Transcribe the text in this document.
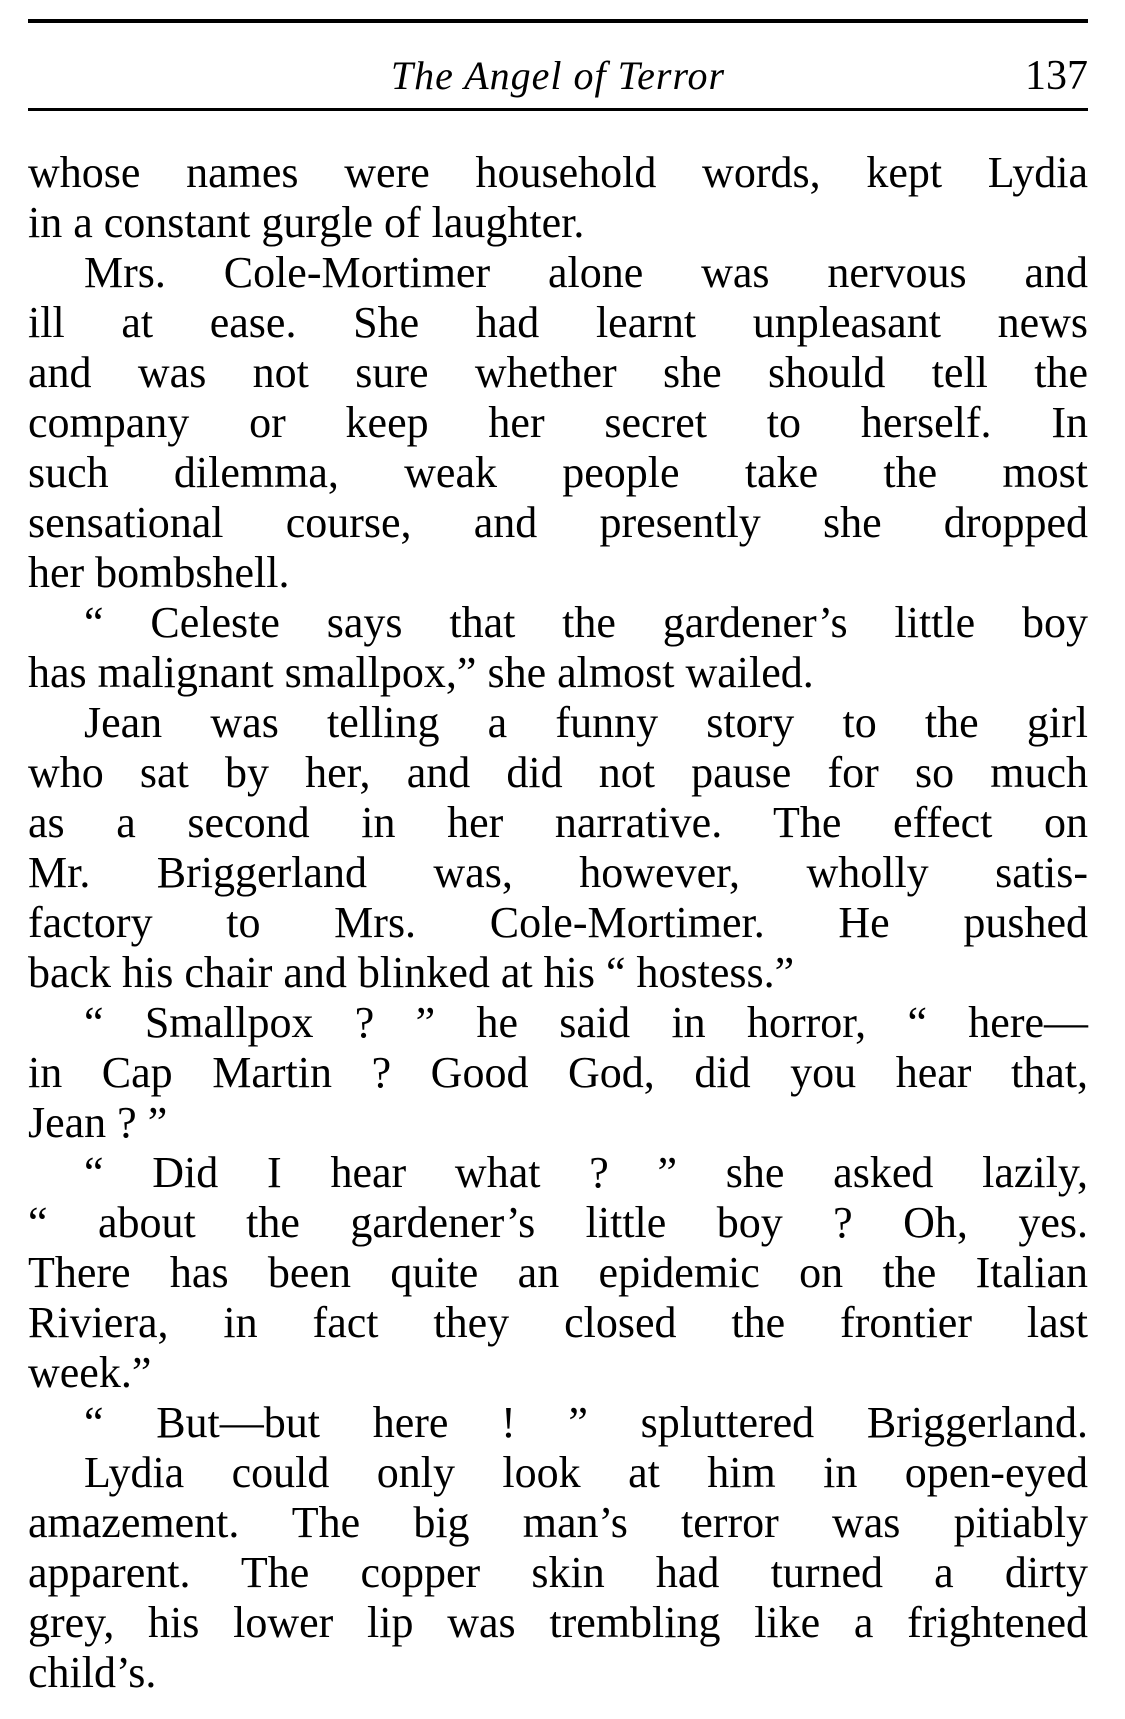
The Angel of Terror	137
whose names were household words, kept Lydia
in a constant gurgle of laughter.
Mrs. Cole-Mortimer alone was nervous and
ill at ease. She had learnt unpleasant news
and was not sure whether she should tell the
company or keep her secret to herself. In
such dilemma, weak people take the most
sensational course, and presently she dropped
her bombshell.
“ Celeste says that the gardener’s little boy
has malignant smallpox,” she almost wailed.
Jean was telling a funny story to the girl
who sat by her, and did not pause for so much
as a second in her narrative. The effect on
Mr. Briggerland was, however, wholly satis-
factory to Mrs. Cole-Mortimer. He pushed
back his chair and blinked at his “ hostess.”
“ Smallpox ? ” he said in horror, “ here—
in Cap Martin ? Good God, did you hear that,
Jean ? ”
“ Did I hear what ? ” she asked lazily,
“ about the gardener’s little boy ? Oh, yes.
There has been quite an epidemic on the Italian
Riviera, in fact they closed the frontier last
week.”
“ But—but here ! ” spluttered Briggerland.
Lydia could only look at him in open-eyed
amazement. The big man’s terror was pitiably
apparent. The copper skin had turned a dirty
grey, his lower lip was trembling like a frightened
child’s.
